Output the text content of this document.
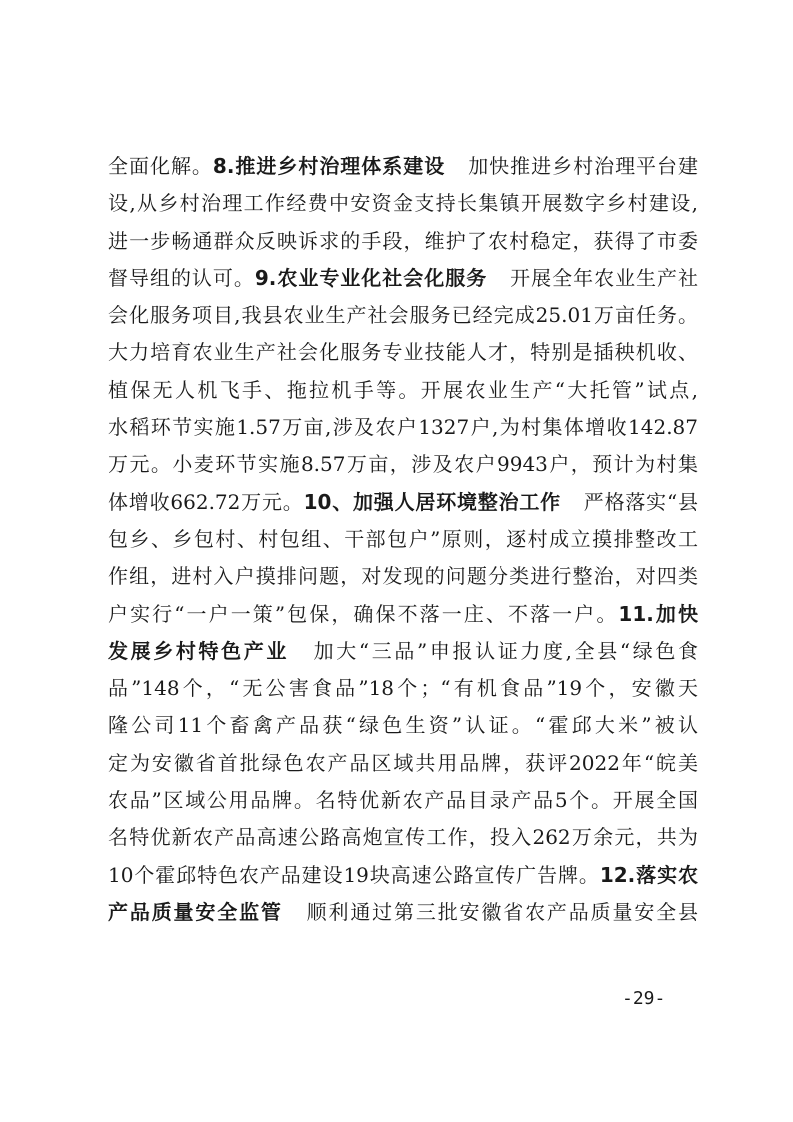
全面化解。8.推进乡村治理体系建设 加快推进乡村治理平台建
设,从乡村治理工作经费中安资金支持长集镇开展数字乡村建设,
进一步畅通群众反映诉求的手段，维护了农村稳定，获得了市委
督导组的认可。9.农业专业化社会化服务 开展全年农业生产社
会化服务项目,我县农业生产社会服务已经完成25.01万亩任务。
大力培育农业生产社会化服务专业技能人才，特别是插秧机收、
植保无人机飞手、拖拉机手等。开展农业生产“大托管”试点,
水稻环节实施1.57万亩,涉及农户1327户,为村集体增收142.87
万元。小麦环节实施8.57万亩，涉及农户9943户，预计为村集
体增收662.72万元。10、加强人居环境整治工作 严格落实“县
包乡、乡包村、村包组、干部包户”原则，逐村成立摸排整改工
作组，进村入户摸排问题，对发现的问题分类进行整治，对四类
户实行“一户一策”包保，确保不落一庄、不落一户。11.加快
发展乡村特色产业 加大“三品”申报认证力度,全县“绿色食
品”148个，“无公害食品”18个；“有机食品”19个，安徽天
隆公司11个畜禽产品获“绿色生资”认证。“霍邱大米”被认
定为安徽省首批绿色农产品区域共用品牌，获评2022年“皖美
农品”区域公用品牌。名特优新农产品目录产品5个。开展全国
名特优新农产品高速公路高炮宣传工作，投入262万余元，共为
10个霍邱特色农产品建设19块高速公路宣传广告牌。12.落实农
产品质量安全监管 顺利通过第三批安徽省农产品质量安全县
-29-
